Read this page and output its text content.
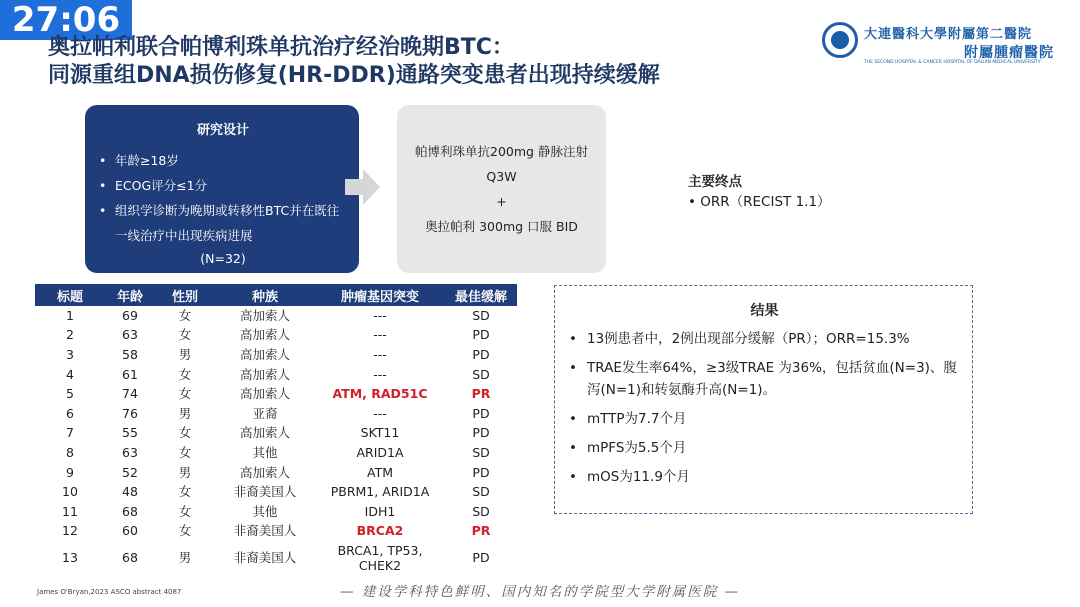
27:06
奥拉帕利联合帕博利珠单抗治疗经治晚期BTC：
同源重组DNA损伤修复(HR-DDR)通路突变患者出现持续缓解
大連醫科大學附屬第二醫院
附屬腫瘤醫院
THE SECOND HOSPITAL & CANCER HOSPITAL OF DALIAN MEDICAL UNIVERSITY
研究设计
• 年龄≥18岁
• ECOG评分≤1分
• 组织学诊断为晚期或转移性BTC并在既往一线治疗中出现疾病进展
(N=32)
帕博利珠单抗200mg 静脉注射
Q3W
+
奥拉帕利 300mg 口服 BID
主要终点
• ORR（RECIST 1.1）
标题	年龄	性别	种族	肿瘤基因突变	最佳缓解
1	69	女	高加索人	---	SD
2	63	女	高加索人	---	PD
3	58	男	高加索人	---	PD
4	61	女	高加索人	---	SD
5	74	女	高加索人	ATM, RAD51C	PR
6	76	男	亚裔	---	PD
7	55	女	高加索人	SKT11	PD
8	63	女	其他	ARID1A	SD
9	52	男	高加索人	ATM	PD
10	48	女	非裔美国人	PBRM1, ARID1A	SD
11	68	女	其他	IDH1	SD
12	60	女	非裔美国人	BRCA2	PR
13	68	男	非裔美国人	BRCA1, TP53, CHEK2	PD
结果
• 13例患者中，2例出现部分缓解（PR）；ORR=15.3%
• TRAE发生率64%，≥3级TRAE 为36%，包括贫血(N=3)、腹泻(N=1)和转氨酶升高(N=1)。
• mTTP为7.7个月
• mPFS为5.5个月
• mOS为11.9个月
James O'Bryan,2023 ASCO abstract 4087	— 建设学科特色鲜明、国内知名的学院型大学附属医院 —
